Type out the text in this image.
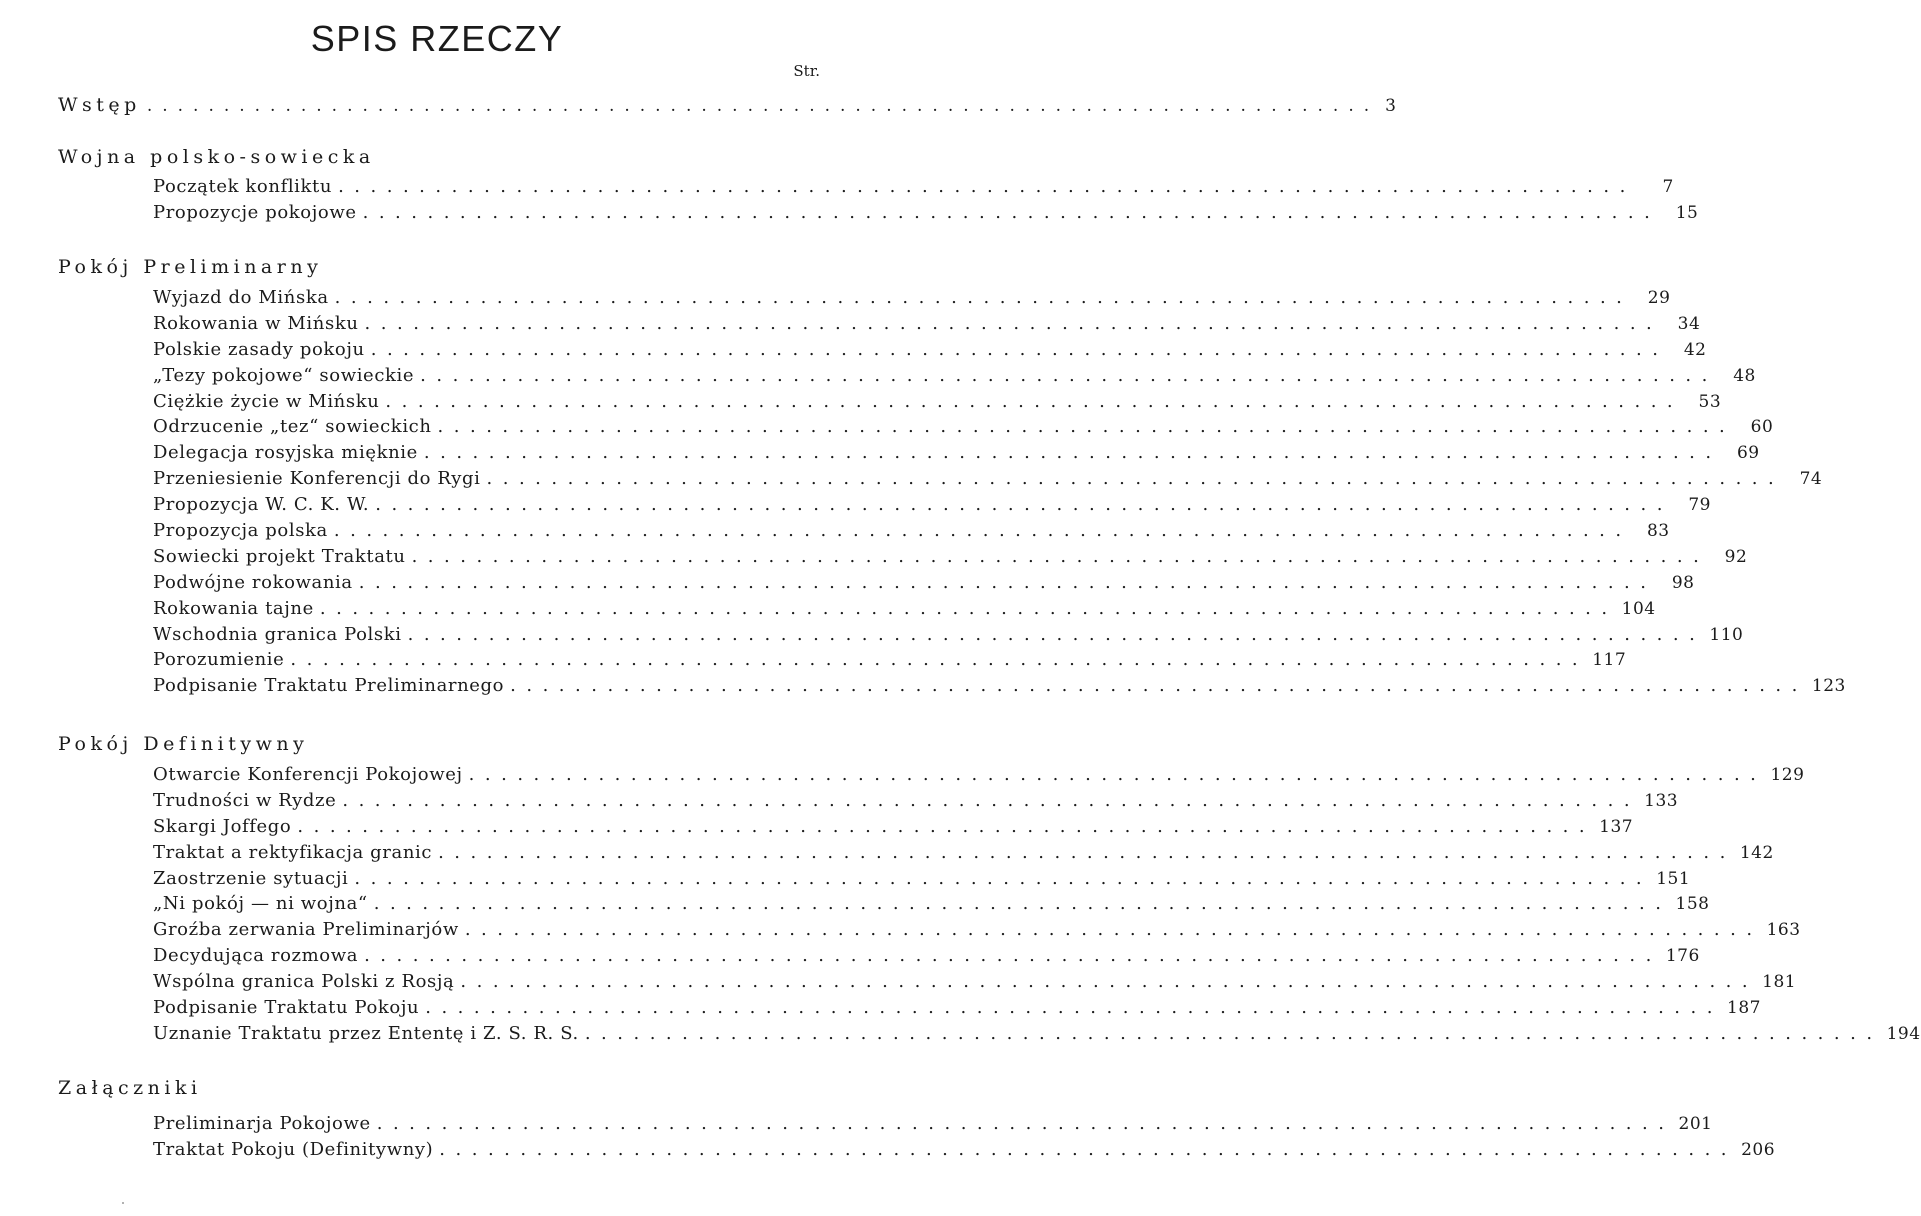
SPIS RZECZY
Str.
Wstęp ................................................................................ 3
Wojna polsko-sowiecka
Początek konfliktu ................................................................................	7
Propozycje pokojowe ................................................................................ 15
Pokój Preliminarny
Wyjazd do Mińska ................................................................................ 29
Rokowania w Mińsku ................................................................................ 34
Polskie zasady pokoju ................................................................................ 42
„Tezy pokojowe“ sowieckie ................................................................................ 48
Ciężkie życie w Mińsku ................................................................................ 53
Odrzucenie „tez“ sowieckich ................................................................................ 60
Delegacja rosyjska mięknie ................................................................................ 69
Przeniesienie Konferencji do Rygi ................................................................................ 74
Propozycja W. C. K. W. ................................................................................ 79
Propozycja polska ................................................................................ 83
Sowiecki projekt Traktatu ................................................................................ 92
Podwójne rokowania ................................................................................ 98
Rokowania tajne ................................................................................ 104
Wschodnia granica Polski ................................................................................ 110
Porozumienie ................................................................................ 117
Podpisanie Traktatu Preliminarnego ................................................................................ 123
Pokój Definitywny
Otwarcie Konferencji Pokojowej ................................................................................ 129
Trudności w Rydze ................................................................................ 133
Skargi Joffego ................................................................................ 137
Traktat a rektyfikacja granic ................................................................................ 142
Zaostrzenie sytuacji ................................................................................ 151
„Ni pokój — ni wojna“ ................................................................................ 158
Groźba zerwania Preliminarjów ................................................................................ 163
Decydująca rozmowa ................................................................................ 176
Wspólna granica Polski z Rosją ................................................................................ 181
Podpisanie Traktatu Pokoju ................................................................................ 187
Uznanie Traktatu przez Ententę i Z. S. R. S. ................................................................................ 194
Załączniki
Preliminarja Pokojowe ................................................................................ 201
Traktat Pokoju (Definitywny) ................................................................................ 206
